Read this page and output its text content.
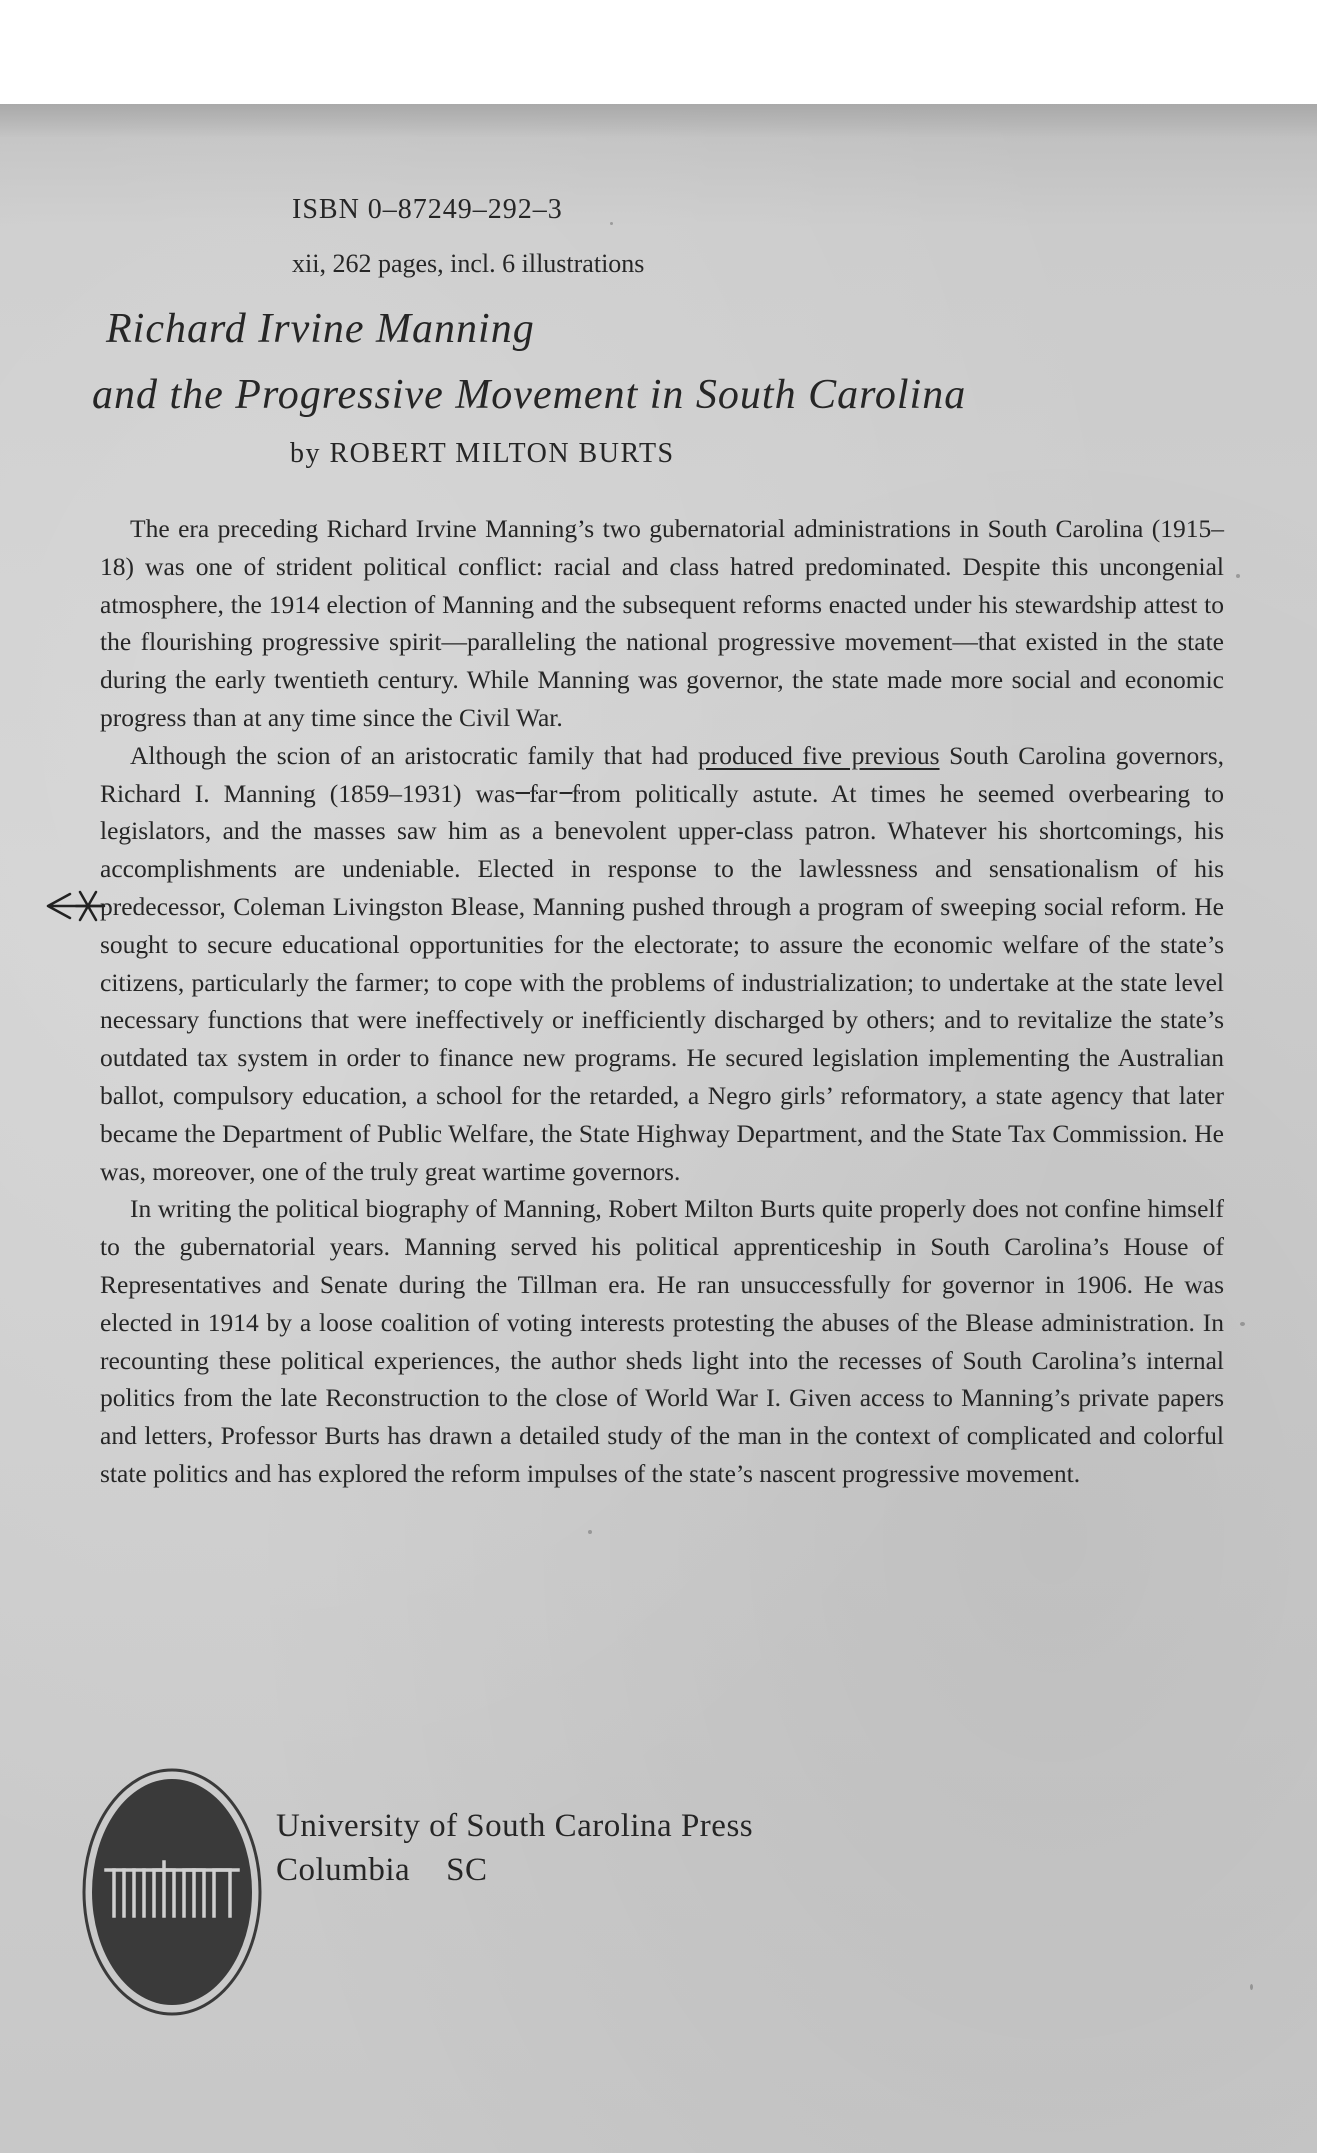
ISBN 0–87249–292–3
xii, 262 pages, incl. 6 illustrations
Richard Irvine Manning
and the Progressive Movement in South Carolina
by ROBERT MILTON BURTS

The era preceding Richard Irvine Manning’s two gubernatorial administrations in South Carolina (1915–18) was one of strident political conflict: racial and class hatred predominated. Despite this uncongenial atmosphere, the 1914 election of Manning and the subsequent reforms enacted under his stewardship attest to the flourishing progressive spirit—paralleling the national progressive movement—that existed in the state during the early twentieth century. While Manning was governor, the state made more social and economic progress than at any time since the Civil War.

Although the scion of an aristocratic family that had produced five previous South Carolina governors, Richard I. Manning (1859–1931) was far from politically astute. At times he seemed overbearing to legislators, and the masses saw him as a benevolent upper-class patron. Whatever his shortcomings, his accomplishments are undeniable. Elected in response to the lawlessness and sensationalism of his predecessor, Coleman Livingston Blease, Manning pushed through a program of sweeping social reform. He sought to secure educational opportunities for the electorate; to assure the economic welfare of the state’s citizens, particularly the farmer; to cope with the problems of industrialization; to undertake at the state level necessary functions that were ineffectively or inefficiently discharged by others; and to revitalize the state’s outdated tax system in order to finance new programs. He secured legislation implementing the Australian ballot, compulsory education, a school for the retarded, a Negro girls’ reformatory, a state agency that later became the Department of Public Welfare, the State Highway Department, and the State Tax Commission. He was, moreover, one of the truly great wartime governors.

In writing the political biography of Manning, Robert Milton Burts quite properly does not confine himself to the gubernatorial years. Manning served his political apprenticeship in South Carolina’s House of Representatives and Senate during the Tillman era. He ran unsuccessfully for governor in 1906. He was elected in 1914 by a loose coalition of voting interests protesting the abuses of the Blease administration. In recounting these political experiences, the author sheds light into the recesses of South Carolina’s internal politics from the late Reconstruction to the close of World War I. Given access to Manning’s private papers and letters, Professor Burts has drawn a detailed study of the man in the context of complicated and colorful state politics and has explored the reform impulses of the state’s nascent progressive movement.

University of South Carolina Press
Columbia SC
